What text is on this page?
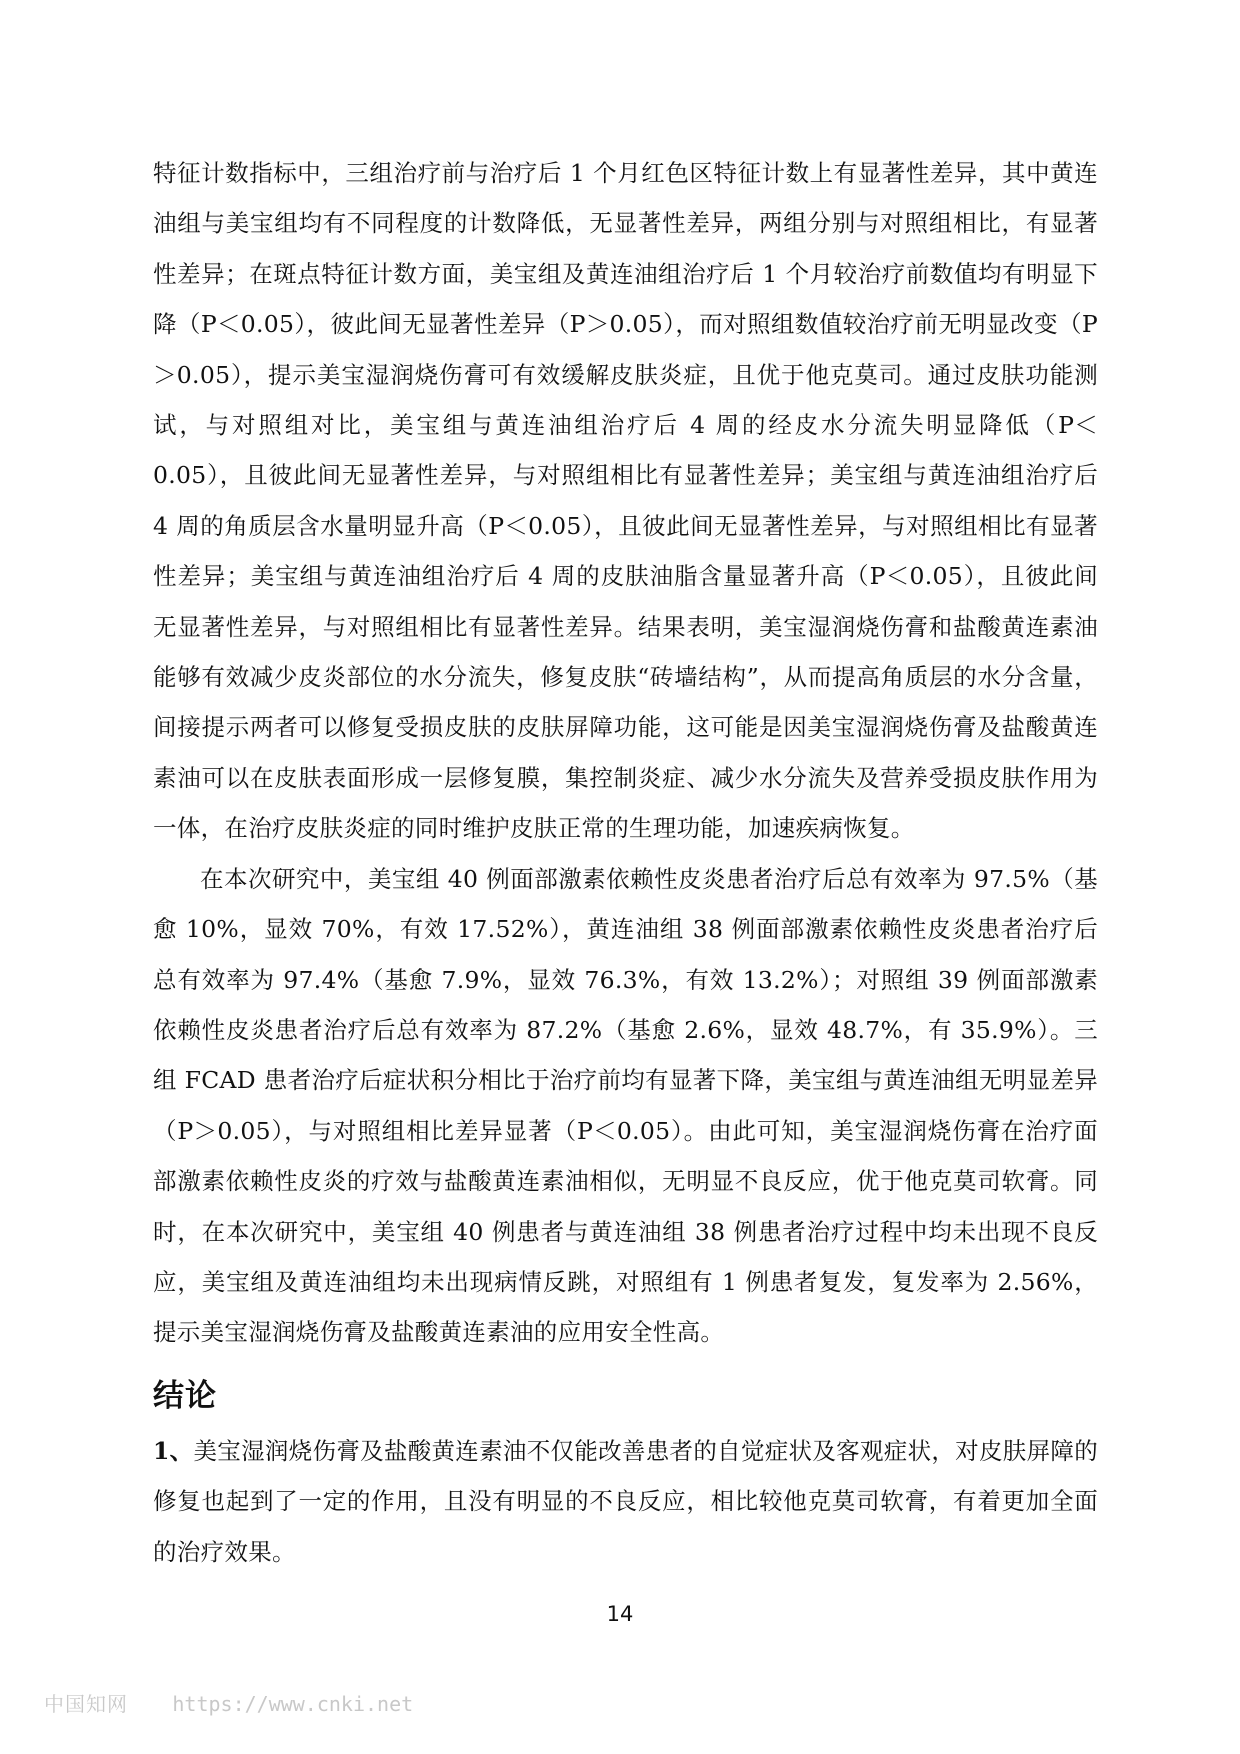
特征计数指标中，三组治疗前与治疗后 1 个月红色区特征计数上有显著性差异，其中黄连油组与美宝组均有不同程度的计数降低，无显著性差异，两组分别与对照组相比，有显著性差异；在斑点特征计数方面，美宝组及黄连油组治疗后 1 个月较治疗前数值均有明显下降（P＜0.05），彼此间无显著性差异（P＞0.05），而对照组数值较治疗前无明显改变（P＞0.05），提示美宝湿润烧伤膏可有效缓解皮肤炎症，且优于他克莫司。通过皮肤功能测试，与对照组对比，美宝组与黄连油组治疗后 4 周的经皮水分流失明显降低（P＜0.05），且彼此间无显著性差异，与对照组相比有显著性差异；美宝组与黄连油组治疗后 4 周的角质层含水量明显升高（P＜0.05），且彼此间无显著性差异，与对照组相比有显著性差异；美宝组与黄连油组治疗后 4 周的皮肤油脂含量显著升高（P＜0.05），且彼此间无显著性差异，与对照组相比有显著性差异。结果表明，美宝湿润烧伤膏和盐酸黄连素油能够有效减少皮炎部位的水分流失，修复皮肤“砖墙结构”，从而提高角质层的水分含量，间接提示两者可以修复受损皮肤的皮肤屏障功能，这可能是因美宝湿润烧伤膏及盐酸黄连素油可以在皮肤表面形成一层修复膜，集控制炎症、减少水分流失及营养受损皮肤作用为一体，在治疗皮肤炎症的同时维护皮肤正常的生理功能，加速疾病恢复。

在本次研究中，美宝组 40 例面部激素依赖性皮炎患者治疗后总有效率为 97.5%（基愈 10%，显效 70%，有效 17.52%），黄连油组 38 例面部激素依赖性皮炎患者治疗后总有效率为 97.4%（基愈 7.9%，显效 76.3%，有效 13.2%）；对照组 39 例面部激素依赖性皮炎患者治疗后总有效率为 87.2%（基愈 2.6%，显效 48.7%，有 35.9%）。三组 FCAD 患者治疗后症状积分相比于治疗前均有显著下降，美宝组与黄连油组无明显差异（P＞0.05），与对照组相比差异显著（P＜0.05）。由此可知，美宝湿润烧伤膏在治疗面部激素依赖性皮炎的疗效与盐酸黄连素油相似，无明显不良反应，优于他克莫司软膏。同时，在本次研究中，美宝组 40 例患者与黄连油组 38 例患者治疗过程中均未出现不良反应，美宝组及黄连油组均未出现病情反跳，对照组有 1 例患者复发，复发率为 2.56%，提示美宝湿润烧伤膏及盐酸黄连素油的应用安全性高。

结论

1、美宝湿润烧伤膏及盐酸黄连素油不仅能改善患者的自觉症状及客观症状，对皮肤屏障的修复也起到了一定的作用，且没有明显的不良反应，相比较他克莫司软膏，有着更加全面的治疗效果。

14
中国知网 https://www.cnki.net
